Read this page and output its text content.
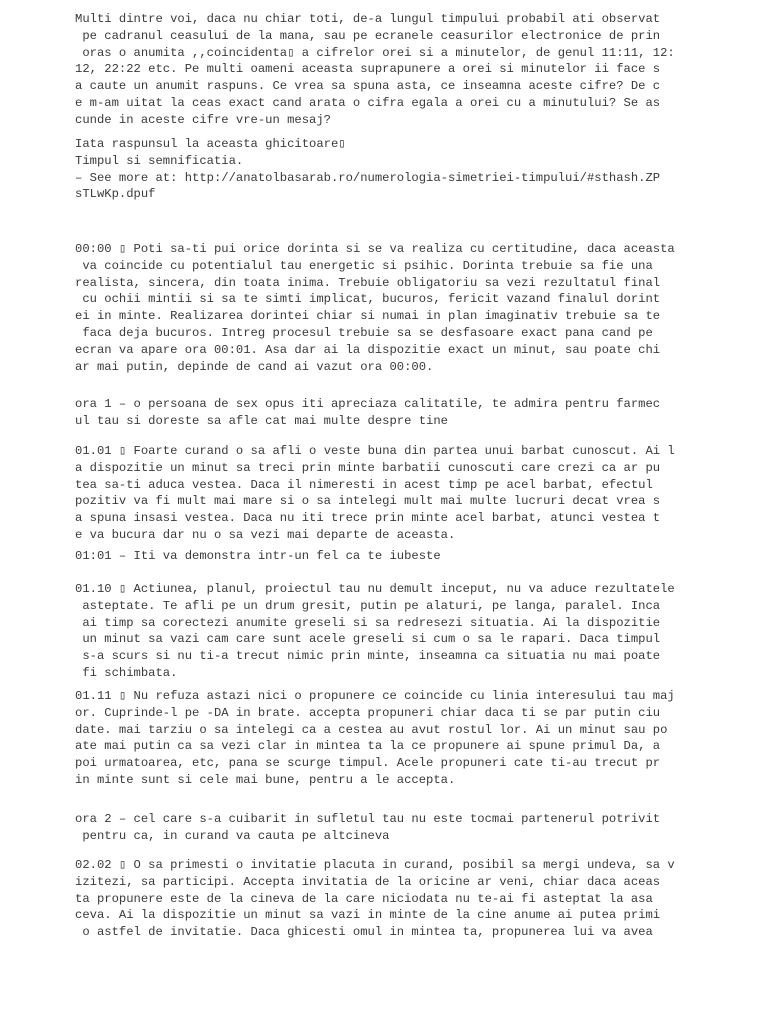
Multi dintre voi, daca nu chiar toti, de-a lungul timpului probabil ati observat
pe cadranul ceasului de la mana, sau pe ecranele ceasurilor electronice de prin
oras o anumita ,,coincidenta▯ a cifrelor orei si a minutelor, de genul 11:11, 12:
12, 22:22 etc. Pe multi oameni aceasta suprapunere a orei si minutelor ii face s
a caute un anumit raspuns. Ce vrea sa spuna asta, ce inseamna aceste cifre? De c
e m-am uitat la ceas exact cand arata o cifra egala a orei cu a minutului? Se as
cunde in aceste cifre vre-un mesaj?

Iata raspunsul la aceasta ghicitoare▯
Timpul si semnificatia.
– See more at: http://anatolbasarab.ro/numerologia-simetriei-timpului/#sthash.ZP
sTLwKp.dpuf

00:00 ▯ Poti sa-ti pui orice dorinta si se va realiza cu certitudine, daca aceasta
va coincide cu potentialul tau energetic si psihic. Dorinta trebuie sa fie una
realista, sincera, din toata inima. Trebuie obligatoriu sa vezi rezultatul final
cu ochii mintii si sa te simti implicat, bucuros, fericit vazand finalul dorint
ei in minte. Realizarea dorintei chiar si numai in plan imaginativ trebuie sa te
faca deja bucuros. Intreg procesul trebuie sa se desfasoare exact pana cand pe
ecran va apare ora 00:01. Asa dar ai la dispozitie exact un minut, sau poate chi
ar mai putin, depinde de cand ai vazut ora 00:00.

ora 1 – o persoana de sex opus iti apreciaza calitatile, te admira pentru farmec
ul tau si doreste sa afle cat mai multe despre tine

01.01 ▯ Foarte curand o sa afli o veste buna din partea unui barbat cunoscut. Ai l
a dispozitie un minut sa treci prin minte barbatii cunoscuti care crezi ca ar pu
tea sa-ti aduca vestea. Daca il nimeresti in acest timp pe acel barbat, efectul
pozitiv va fi mult mai mare si o sa intelegi mult mai multe lucruri decat vrea s
a spuna insasi vestea. Daca nu iti trece prin minte acel barbat, atunci vestea t
e va bucura dar nu o sa vezi mai departe de aceasta.

01:01 – Iti va demonstra intr-un fel ca te iubeste

01.10 ▯ Actiunea, planul, proiectul tau nu demult inceput, nu va aduce rezultatele
asteptate. Te afli pe un drum gresit, putin pe alaturi, pe langa, paralel. Inca
ai timp sa corectezi anumite greseli si sa redresezi situatia. Ai la dispozitie
un minut sa vazi cam care sunt acele greseli si cum o sa le rapari. Daca timpul
s-a scurs si nu ti-a trecut nimic prin minte, inseamna ca situatia nu mai poate
fi schimbata.

01.11 ▯ Nu refuza astazi nici o propunere ce coincide cu linia interesului tau maj
or. Cuprinde-l pe -DA in brate. accepta propuneri chiar daca ti se par putin ciu
date. mai tarziu o sa intelegi ca a cestea au avut rostul lor. Ai un minut sau po
ate mai putin ca sa vezi clar in mintea ta la ce propunere ai spune primul Da, a
poi urmatoarea, etc, pana se scurge timpul. Acele propuneri cate ti-au trecut pr
in minte sunt si cele mai bune, pentru a le accepta.

ora 2 – cel care s-a cuibarit in sufletul tau nu este tocmai partenerul potrivit
pentru ca, in curand va cauta pe altcineva

02.02 ▯ O sa primesti o invitatie placuta in curand, posibil sa mergi undeva, sa v
izitezi, sa participi. Accepta invitatia de la oricine ar veni, chiar daca aceas
ta propunere este de la cineva de la care niciodata nu te-ai fi asteptat la asa
ceva. Ai la dispozitie un minut sa vazi in minte de la cine anume ai putea primi
o astfel de invitatie. Daca ghicesti omul in mintea ta, propunerea lui va avea
